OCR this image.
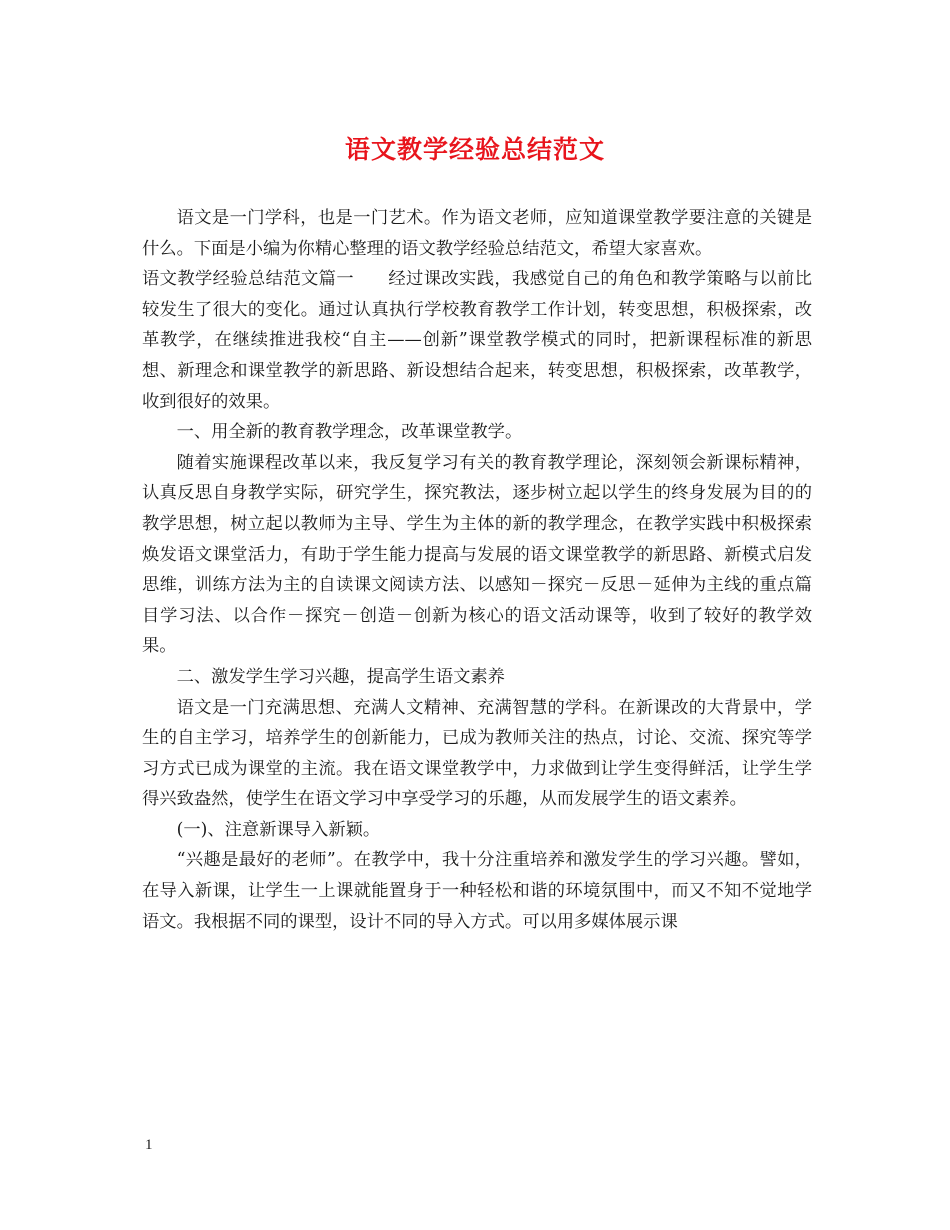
语文教学经验总结范文

语文是一门学科，也是一门艺术。作为语文老师，应知道课堂教学要注意的关键是什么。下面是小编为你精心整理的语文教学经验总结范文，希望大家喜欢。

语文教学经验总结范文篇一 经过课改实践，我感觉自己的角色和教学策略与以前比较发生了很大的变化。通过认真执行学校教育教学工作计划，转变思想，积极探索，改革教学，在继续推进我校“自主——创新”课堂教学模式的同时，把新课程标准的新思想、新理念和课堂教学的新思路、新设想结合起来，转变思想，积极探索，改革教学，收到很好的效果。

一、用全新的教育教学理念，改革课堂教学。

随着实施课程改革以来，我反复学习有关的教育教学理论，深刻领会新课标精神，认真反思自身教学实际，研究学生，探究教法，逐步树立起以学生的终身发展为目的的教学思想，树立起以教师为主导、学生为主体的新的教学理念，在教学实践中积极探索焕发语文课堂活力，有助于学生能力提高与发展的语文课堂教学的新思路、新模式启发思维，训练方法为主的自读课文阅读方法、以感知－探究－反思－延伸为主线的重点篇目学习法、以合作－探究－创造－创新为核心的语文活动课等，收到了较好的教学效果。

二、激发学生学习兴趣，提高学生语文素养

语文是一门充满思想、充满人文精神、充满智慧的学科。在新课改的大背景中，学生的自主学习，培养学生的创新能力，已成为教师关注的热点，讨论、交流、探究等学习方式已成为课堂的主流。我在语文课堂教学中，力求做到让学生变得鲜活，让学生学得兴致盎然，使学生在语文学习中享受学习的乐趣，从而发展学生的语文素养。

(一)、注意新课导入新颖。

“兴趣是最好的老师”。在教学中，我十分注重培养和激发学生的学习兴趣。譬如，在导入新课，让学生一上课就能置身于一种轻松和谐的环境氛围中，而又不知不觉地学语文。我根据不同的课型，设计不同的导入方式。可以用多媒体展示课

1
